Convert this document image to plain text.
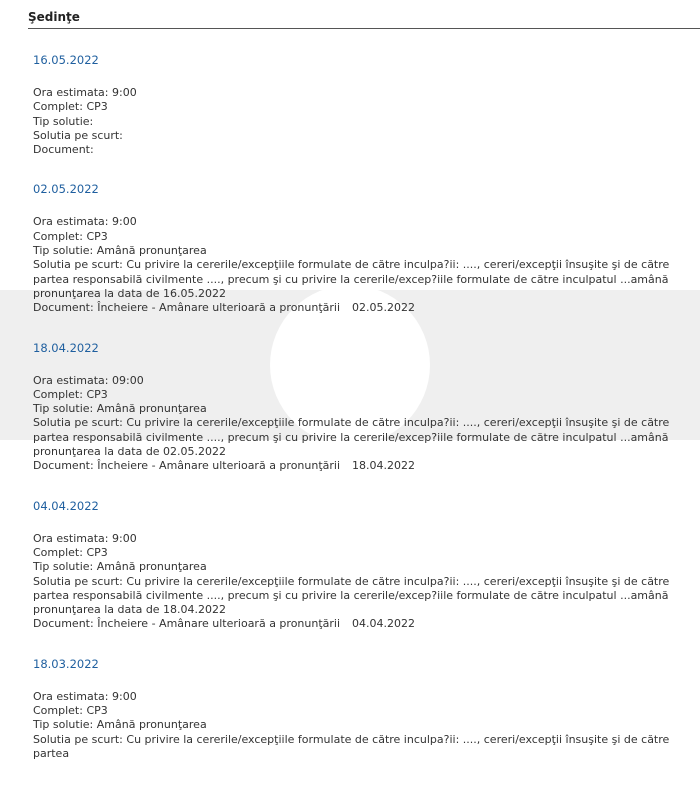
Şedinţe
16.05.2022
Ora estimata: 9:00
Complet: CP3
Tip solutie:
Solutia pe scurt:
Document:
02.05.2022
Ora estimata: 9:00
Complet: CP3
Tip solutie: Amână pronunţarea
Solutia pe scurt: Cu privire la cererile/excepţiile formulate de către inculpa?ii: ...., cereri/excepţii însuşite şi de către partea responsabilă civilmente ...., precum şi cu privire la cererile/excep?iile formulate de către inculpatul ...amână pronunţarea la data de 16.05.2022
Document: Încheiere - Amânare ulterioară a pronunţării 02.05.2022
18.04.2022
Ora estimata: 09:00
Complet: CP3
Tip solutie: Amână pronunţarea
Solutia pe scurt: Cu privire la cererile/excepţiile formulate de către inculpa?ii: ...., cereri/excepţii însuşite şi de către partea responsabilă civilmente ...., precum şi cu privire la cererile/excep?iile formulate de către inculpatul ...amână pronunţarea la data de 02.05.2022
Document: Încheiere - Amânare ulterioară a pronunţării 18.04.2022
04.04.2022
Ora estimata: 9:00
Complet: CP3
Tip solutie: Amână pronunţarea
Solutia pe scurt: Cu privire la cererile/excepţiile formulate de către inculpa?ii: ...., cereri/excepţii însuşite şi de către partea responsabilă civilmente ...., precum şi cu privire la cererile/excep?iile formulate de către inculpatul ...amână pronunţarea la data de 18.04.2022
Document: Încheiere - Amânare ulterioară a pronunţării 04.04.2022
18.03.2022
Ora estimata: 9:00
Complet: CP3
Tip solutie: Amână pronunţarea
Solutia pe scurt: Cu privire la cererile/excepţiile formulate de către inculpa?ii: ...., cereri/excepţii însuşite şi de către partea
